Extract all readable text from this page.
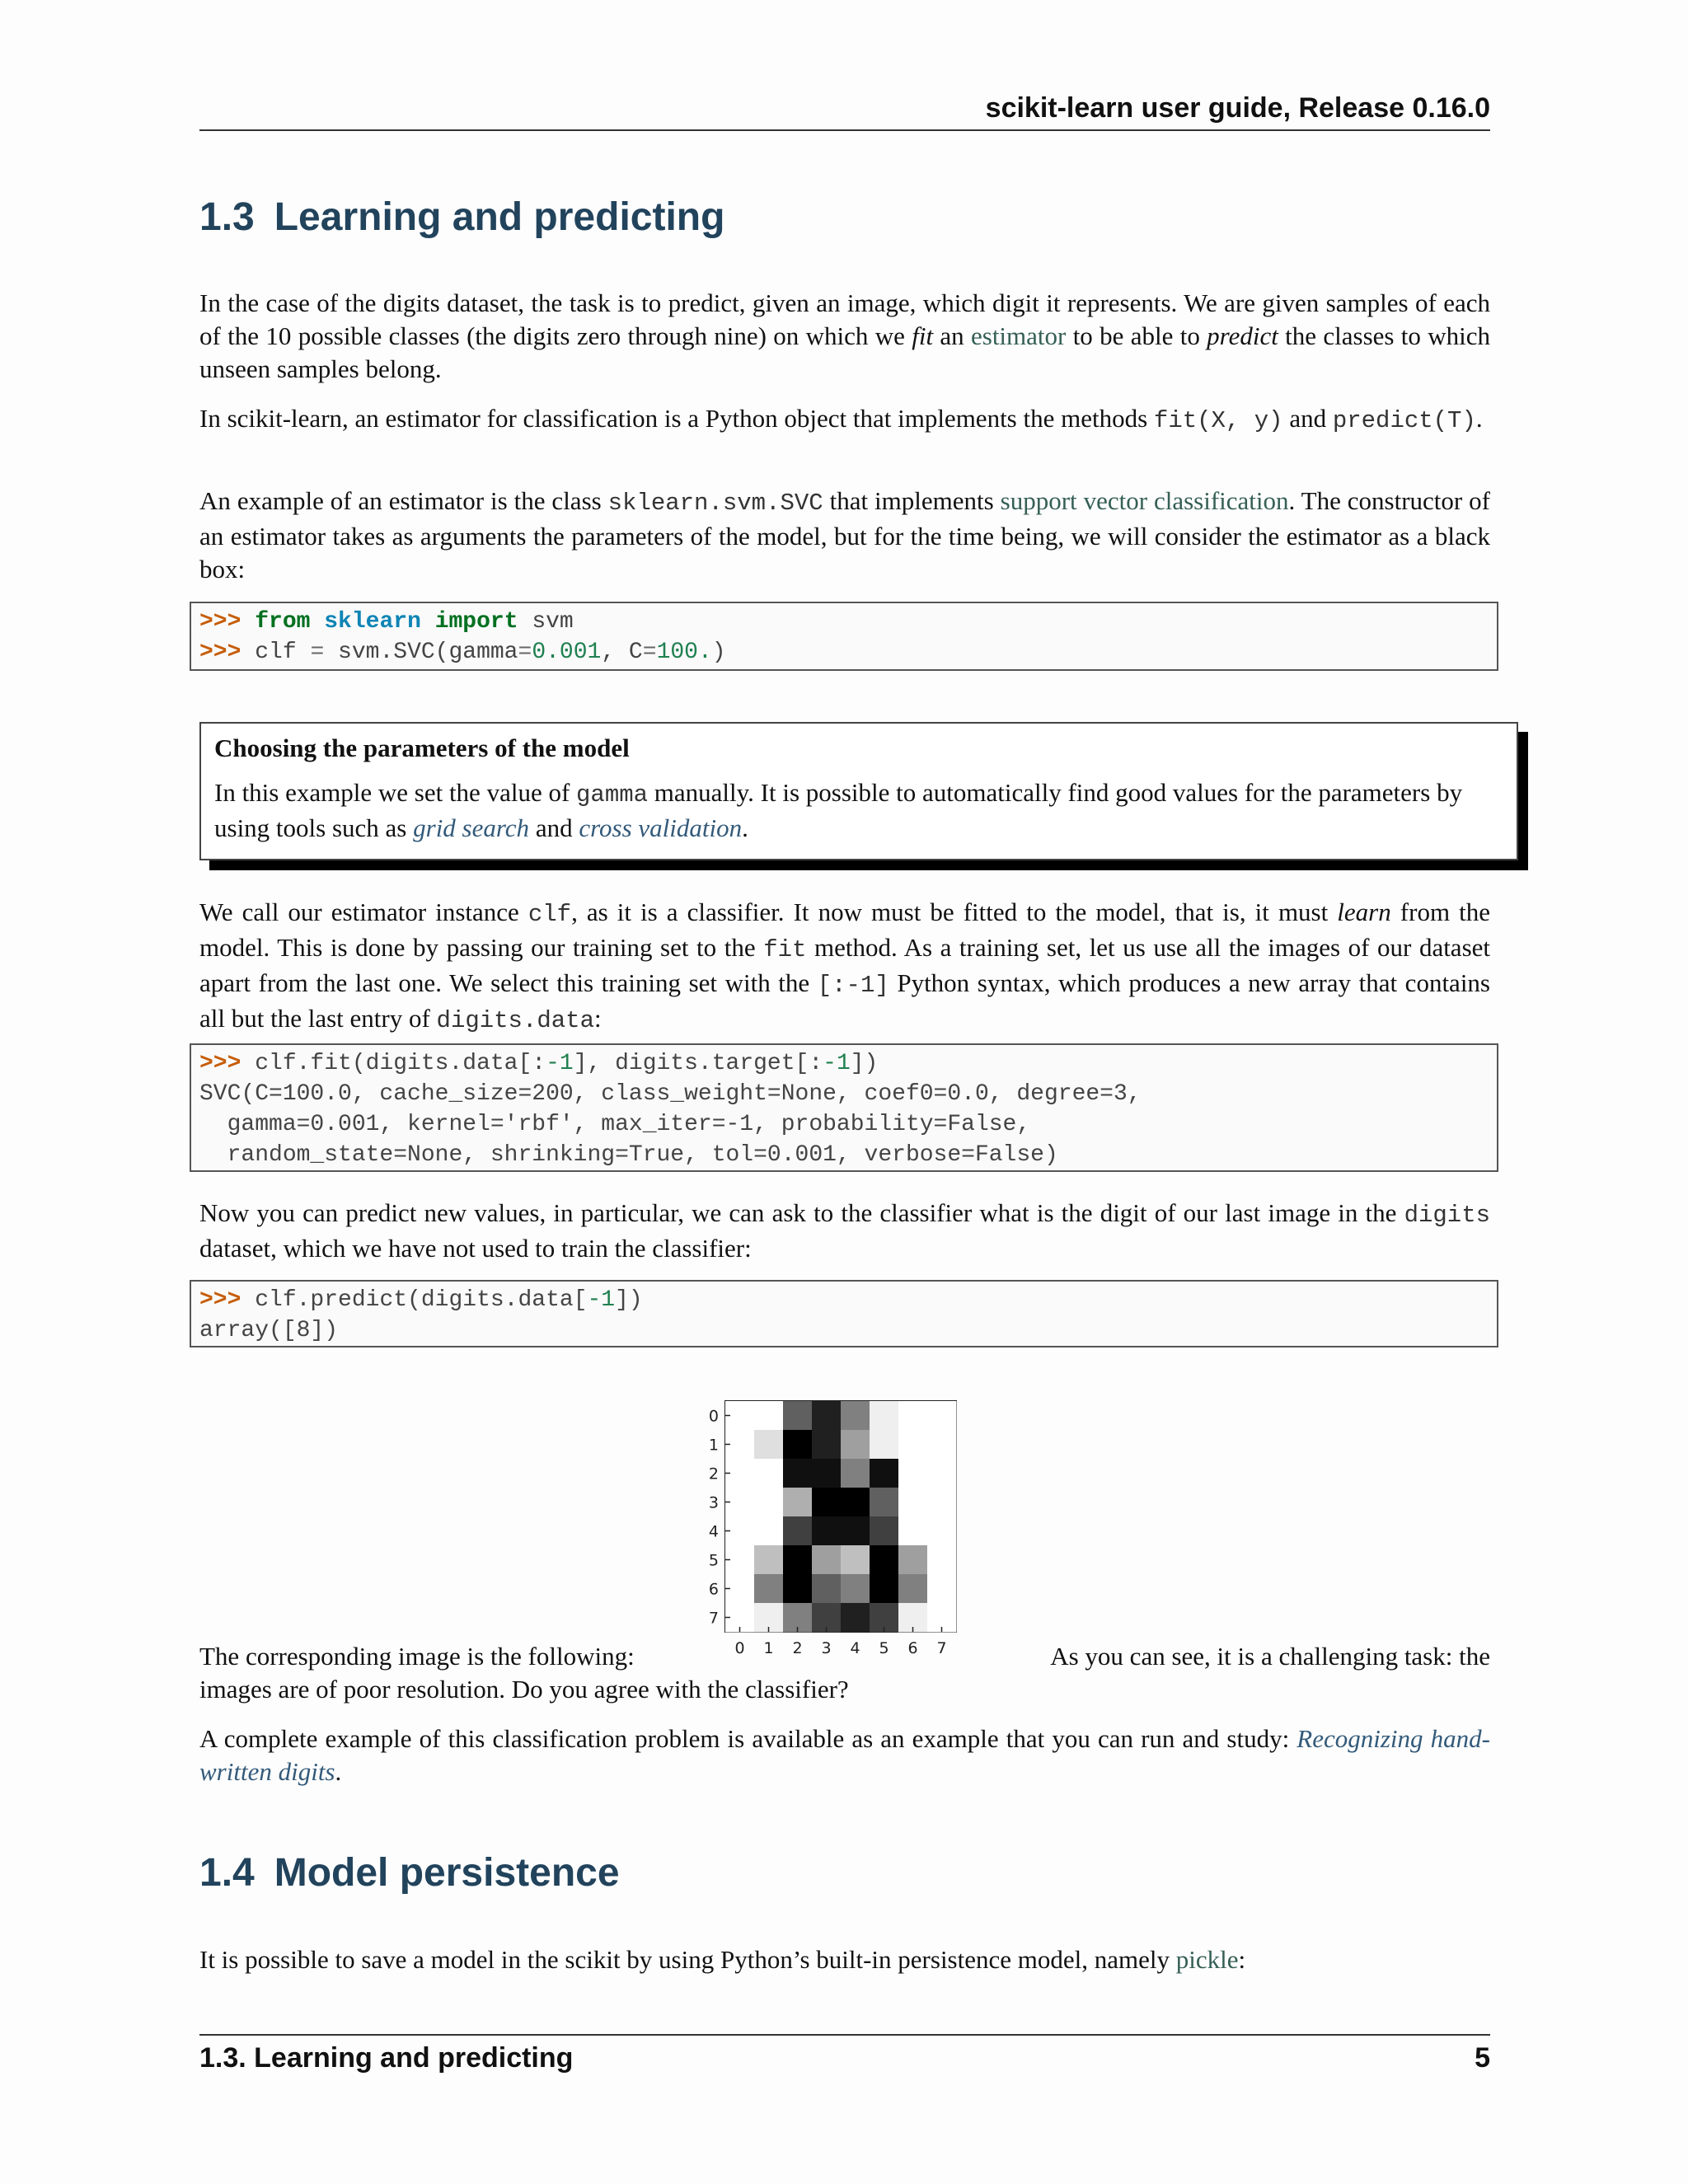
scikit-learn user guide, Release 0.16.0
1.3 Learning and predicting

In the case of the digits dataset, the task is to predict, given an image, which digit it represents. We are given samples of each of the 10 possible classes (the digits zero through nine) on which we fit an estimator to be able to predict the classes to which unseen samples belong.

In scikit-learn, an estimator for classification is a Python object that implements the methods fit(X, y) and predict(T).

An example of an estimator is the class sklearn.svm.SVC that implements support vector classification. The constructor of an estimator takes as arguments the parameters of the model, but for the time being, we will consider the estimator as a black box:

>>> from sklearn import svm
>>> clf = svm.SVC(gamma=0.001, C=100.)

Choosing the parameters of the model

In this example we set the value of gamma manually. It is possible to automatically find good values for the parameters by using tools such as grid search and cross validation.

We call our estimator instance clf, as it is a classifier. It now must be fitted to the model, that is, it must learn from the model. This is done by passing our training set to the fit method. As a training set, let us use all the images of our dataset apart from the last one. We select this training set with the [:-1] Python syntax, which produces a new array that contains all but the last entry of digits.data:

>>> clf.fit(digits.data[:-1], digits.target[:-1])
SVC(C=100.0, cache_size=200, class_weight=None, coef0=0.0, degree=3,
gamma=0.001, kernel='rbf', max_iter=-1, probability=False,
random_state=None, shrinking=True, tol=0.001, verbose=False)

Now you can predict new values, in particular, we can ask to the classifier what is the digit of our last image in the digits dataset, which we have not used to train the classifier:

>>> clf.predict(digits.data[-1])
array([8])
0
1
2
3
4
5
6
7
0 1 2 3 4 5 6 7

The corresponding image is the following:	As you can see, it is a challenging task: the

images are of poor resolution. Do you agree with the classifier?

A complete example of this classification problem is available as an example that you can run and study: Recognizing hand-written digits.

1.4 Model persistence

It is possible to save a model in the scikit by using Python’s built-in persistence model, namely pickle:

1.3. Learning and predicting	5
